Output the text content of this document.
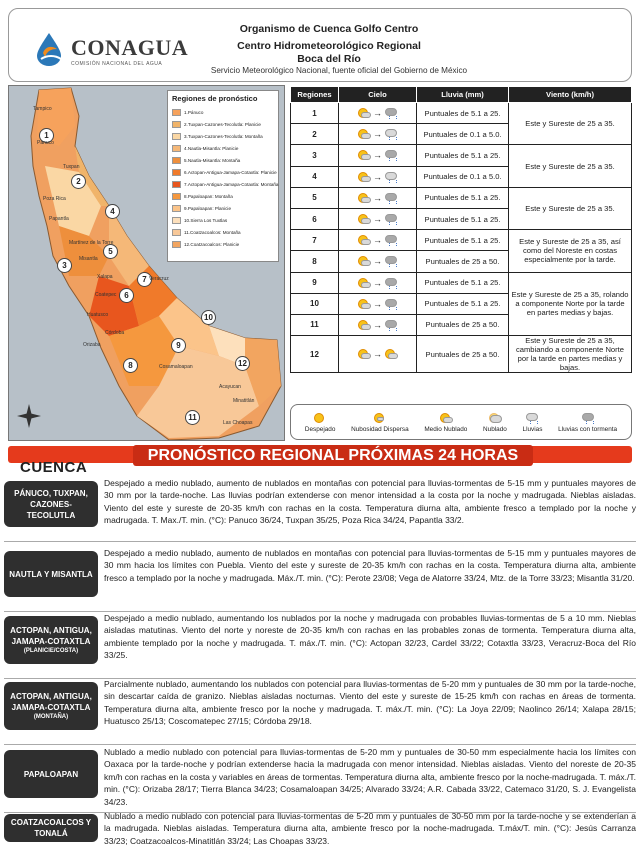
CONAGUA
COMISIÓN NACIONAL DEL AGUA
Organismo de Cuenca Golfo Centro
Centro Hidrometeorológico Regional
Boca del Río
Servicio Meteorológico Nacional, fuente oficial del Gobierno de México
1
2
3
4
5
6
7
8
9
10
11
12
Regiones de pronóstico
1.Pánuco
2.Tuxpan-Cazones-Tecolutla: Planicie
3.Tuxpan-Cazones-Tecolutla: Montaña
4.Nautla-Misantla: Planicie
5.Nautla-Misantla: Montaña
6.Actopan-Antigua-Jamapa-Cotaxtla: Planicie
7.Actopan-Antigua-Jamapa-Cotaxtla: Montaña
8.Papaloapan: Montaña
9.Papaloapan: Planicie
10.Sierra Los Tuxtlas
11.Coatzacoalcos: Montaña
12.Coatzacoalcos: Planicie
Tampico
Pánuco
Tuxpan
Poza Rica
Papantla
Martínez de la Torre
Misantla
Xalapa	Veracruz
Coatepec
Huatusco
Córdoba
Orizaba
Cosamaloapan
Acayucan
Minatitlán
Las Choapas
Regiones	Cielo	Lluvia (mm)	Viento (km/h)
1	→	Puntuales de 5.1 a 25.	Este y Sureste de 25 a 35.
2	→	Puntuales de 0.1 a 5.0.	
3	→	Puntuales de 5.1 a 25.	Este y Sureste de 25 a 35.
4	→	Puntuales de 0.1 a 5.0.	
5	→	Puntuales de 5.1 a 25.	Este y Sureste de 25 a 35.
6	→	Puntuales de 5.1 a 25.	
7	→	Puntuales de 5.1 a 25.	Este y Sureste de 25 a 35, así como del Noreste en costas especialmente por la tarde.
8	→	Puntuales de 25 a 50.	
9	→	Puntuales de 5.1 a 25.	Este y Sureste de 25 a 35, rolando a componente Norte por la tarde en partes medias y bajas.
10	→	Puntuales de 5.1 a 25.	
11	→	Puntuales de 25 a 50.	
12	→	Puntuales de 25 a 50.	Este y Sureste de 25 a 35, cambiando a componente Norte por la tarde en partes medias y bajas.
Despejado Nubosidad Dispersa Medio Nublado Nublado Lluvias Lluvias con tormenta
PRONÓSTICO REGIONAL PRÓXIMAS 24 HORAS
CUENCA
PÁNUCO, TUXPAN, CAZONES-TECOLUTLA
Despejado a medio nublado, aumento de nublados en montañas con potencial para lluvias-tormentas de 5-15 mm y puntuales mayores de 30 mm por la tarde-noche. Las lluvias podrían extenderse con menor intensidad a la costa por la noche y madrugada. Nieblas aisladas. Viento del este y sureste de 20-35 km/h con rachas en la costa. Temperatura diurna alta, ambiente fresco a templado por la noche y madrugada. T. Max./T. min. (°C): Panuco 36/24, Tuxpan 35/25, Poza Rica 34/24, Papantla 33/2.
NAUTLA Y MISANTLA
Despejado a medio nublado, aumento de nublados en montañas con potencial para lluvias-tormentas de 5-15 mm y puntuales mayores de 30 mm hacia los límites con Puebla. Viento del este y sureste de 20-35 km/h con rachas en la costa. Temperatura diurna alta, ambiente fresco a templado por la noche y madrugada. Máx./T. min. (°C): Perote 23/08; Vega de Alatorre 33/24, Mtz. de la Torre 33/23; Misantla 31/20.
ACTOPAN, ANTIGUA, JAMAPA-COTAXTLA
(PLANICIE/COSTA)
Despejado a medio nublado, aumentando los nublados por la noche y madrugada con probables lluvias-tormentas de 5 a 10 mm. Nieblas aisladas matutinas. Viento del norte y noreste de 20-35 km/h con rachas en las probables zonas de tormenta. Temperatura diurna alta, ambiente templado por la noche y madrugada. T. máx./T. min. (°C): Actopan 32/23, Cardel 33/22; Cotaxtla 33/23, Veracruz-Boca del Río 33/25.
ACTOPAN, ANTIGUA, JAMAPA-COTAXTLA
(MONTAÑA)
Parcialmente nublado, aumentando los nublados con potencial para lluvias-tormentas de 5-20 mm y puntuales de 30 mm por la tarde-noche, sin descartar caída de granizo. Nieblas aisladas nocturnas. Viento del este y sureste de 15-25 km/h con rachas en áreas de tormenta. Temperatura diurna alta, ambiente fresco por la noche y madrugada. T. máx./T. min. (°C): La Joya 22/09; Naolinco 26/14; Xalapa 28/15; Huatusco 25/13; Coscomatepec 27/15; Córdoba 29/18.
PAPALOAPAN
Nublado a medio nublado con potencial para lluvias-tormentas de 5-20 mm y puntuales de 30-50 mm especialmente hacia los límites con Oaxaca por la tarde-noche y podrían extenderse hacia la madrugada con menor intensidad. Nieblas aisladas. Viento del noreste de 20-35 km/h con rachas en la costa y variables en áreas de tormentas. Temperatura diurna alta, ambiente fresco por la noche-madrugada. T. máx./T. min. (°C): Orizaba 28/17; Tierra Blanca 34/23; Cosamaloapan 34/25; Alvarado 33/24; A.R. Cabada 33/22, Catemaco 31/20, S. J. Evangelista 34/23.
COATZACOALCOS Y TONALÁ
Nublado a medio nublado con potencial para lluvias-tormentas de 5-20 mm y puntuales de 30-50 mm por la tarde-noche y se extenderían a la madrugada. Nieblas aisladas. Temperatura diurna alta, ambiente fresco por la noche-madrugada. T.máx/T. min. (°C): Jesús Carranza 33/23; Coatzacoalcos-Minatitlán 33/24; Las Choapas 33/23.
